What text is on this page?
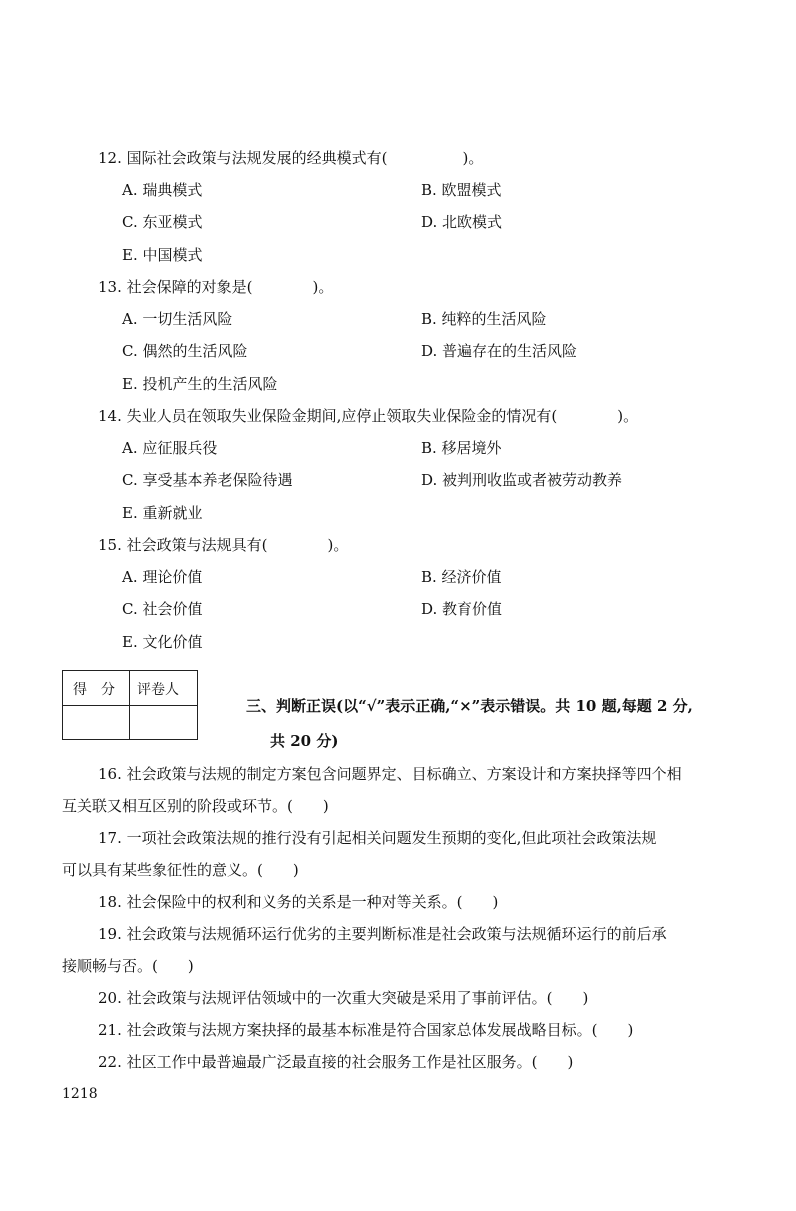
12. 国际社会政策与法规发展的经典模式有(　　　　　)。
A. 瑞典模式	B. 欧盟模式
C. 东亚模式	D. 北欧模式
E. 中国模式
13. 社会保障的对象是(　　　　)。
A. 一切生活风险	B. 纯粹的生活风险
C. 偶然的生活风险	D. 普遍存在的生活风险
E. 投机产生的生活风险
14. 失业人员在领取失业保险金期间,应停止领取失业保险金的情况有(　　　　)。
A. 应征服兵役	B. 移居境外
C. 享受基本养老保险待遇	D. 被判刑收监或者被劳动教养
E. 重新就业
15. 社会政策与法规具有(　　　　)。
A. 理论价值	B. 经济价值
C. 社会价值	D. 教育价值
E. 文化价值
得　分 评卷人
三、判断正误(以“√”表示正确,“×”表示错误。共 10 题,每题 2 分,
共 20 分)
16. 社会政策与法规的制定方案包含问题界定、目标确立、方案设计和方案抉择等四个相
互关联又相互区别的阶段或环节。(　　)
17. 一项社会政策法规的推行没有引起相关问题发生预期的变化,但此项社会政策法规
可以具有某些象征性的意义。(　　)
18. 社会保险中的权利和义务的关系是一种对等关系。(　　)
19. 社会政策与法规循环运行优劣的主要判断标准是社会政策与法规循环运行的前后承
接顺畅与否。(　　)
20. 社会政策与法规评估领域中的一次重大突破是采用了事前评估。(　　)
21. 社会政策与法规方案抉择的最基本标准是符合国家总体发展战略目标。(　　)
22. 社区工作中最普遍最广泛最直接的社会服务工作是社区服务。(　　)
1218
